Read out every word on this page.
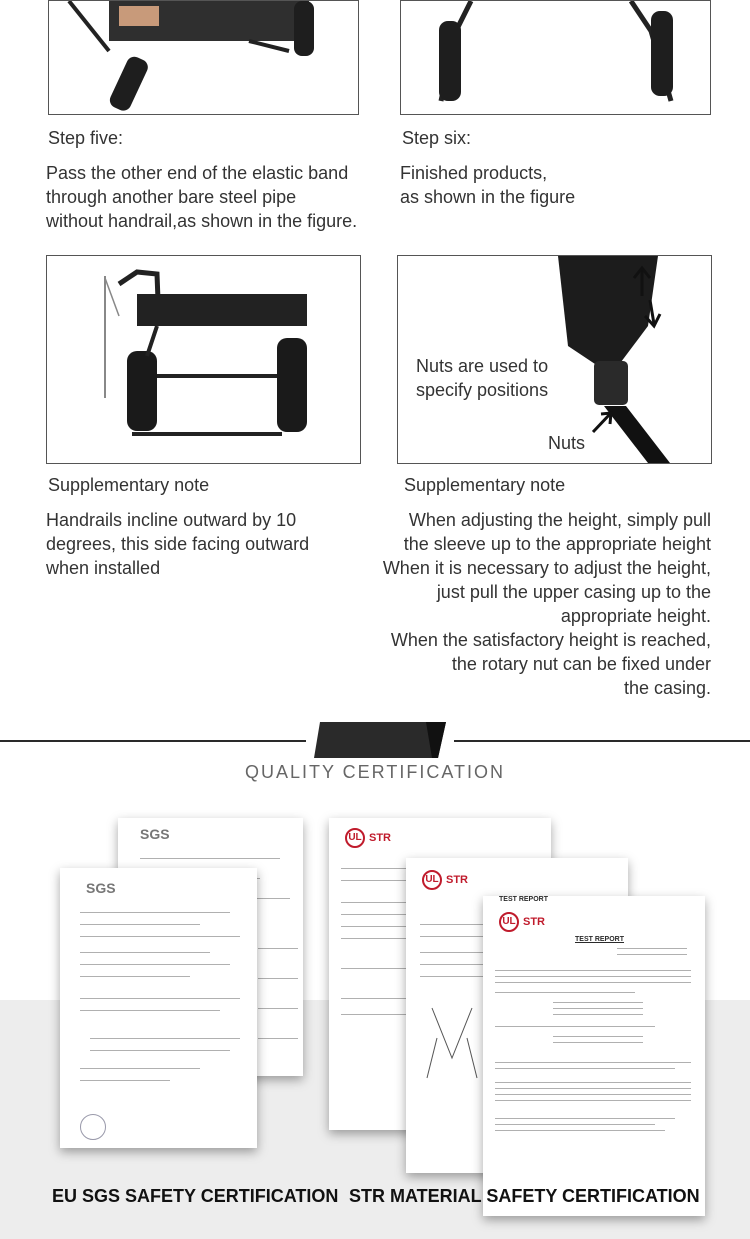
Step five:	Step six:

Pass the other end of the elastic band
through another bare steel pipe
without handrail,as shown in the figure.

Finished products,
as shown in the figure

Nuts are used to
specify positions
Nuts
Supplementary note	Supplementary note

Handrails incline outward by 10
degrees, this side facing outward
when installed

When adjusting the height, simply pull
the sleeve up to the appropriate height
When it is necessary to adjust the height,
just pull the upper casing up to the
appropriate height.
When the satisfactory height is reached,
the rotary nut can be fixed under
the casing.

QUALITY CERTIFICATION
SGS
SGS
UL STR
UL STR
TEST REPORT
UL STR
TEST REPORT
EU SGS SAFETY CERTIFICATION STR MATERIAL SAFETY CERTIFICATION
